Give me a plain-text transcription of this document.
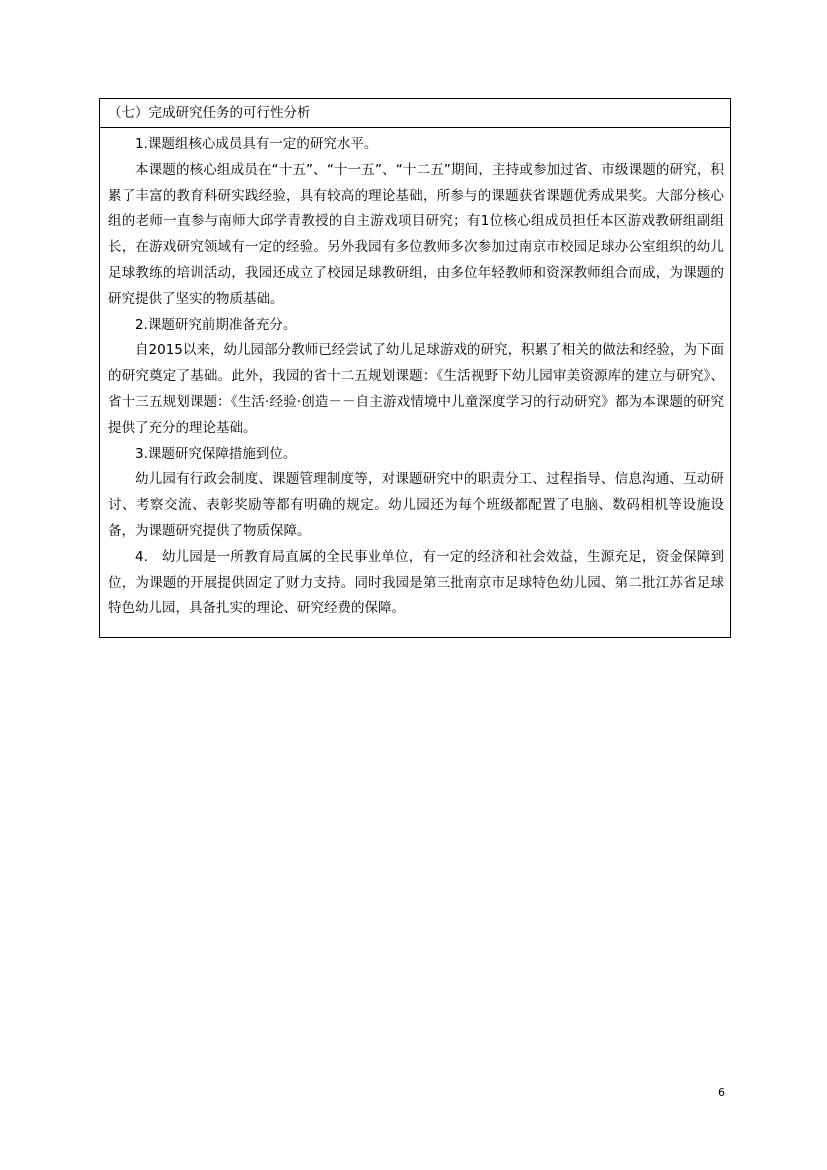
（七）完成研究任务的可行性分析

1.课题组核心成员具有一定的研究水平。

本课题的核心组成员在“十五”、“十一五”、“十二五”期间，主持或参加过省、市级课题的研究，积累了丰富的教育科研实践经验，具有较高的理论基础，所参与的课题获省课题优秀成果奖。大部分核心组的老师一直参与南师大邱学青教授的自主游戏项目研究；有1位核心组成员担任本区游戏教研组副组长，在游戏研究领域有一定的经验。另外我园有多位教师多次参加过南京市校园足球办公室组织的幼儿足球教练的培训活动，我园还成立了校园足球教研组，由多位年轻教师和资深教师组合而成，为课题的研究提供了坚实的物质基础。

2.课题研究前期准备充分。

自2015以来，幼儿园部分教师已经尝试了幼儿足球游戏的研究，积累了相关的做法和经验，为下面的研究奠定了基础。此外，我园的省十二五规划课题：《生活视野下幼儿园审美资源库的建立与研究》、省十三五规划课题：《生活·经验·创造－－自主游戏情境中儿童深度学习的行动研究》都为本课题的研究提供了充分的理论基础。

3.课题研究保障措施到位。

幼儿园有行政会制度、课题管理制度等，对课题研究中的职责分工、过程指导、信息沟通、互动研讨、考察交流、表彰奖励等都有明确的规定。幼儿园还为每个班级都配置了电脑、数码相机等设施设备，为课题研究提供了物质保障。

4.　幼儿园是一所教育局直属的全民事业单位，有一定的经济和社会效益，生源充足，资金保障到位，为课题的开展提供固定了财力支持。同时我园是第三批南京市足球特色幼儿园、第二批江苏省足球特色幼儿园，具备扎实的理论、研究经费的保障。

6
